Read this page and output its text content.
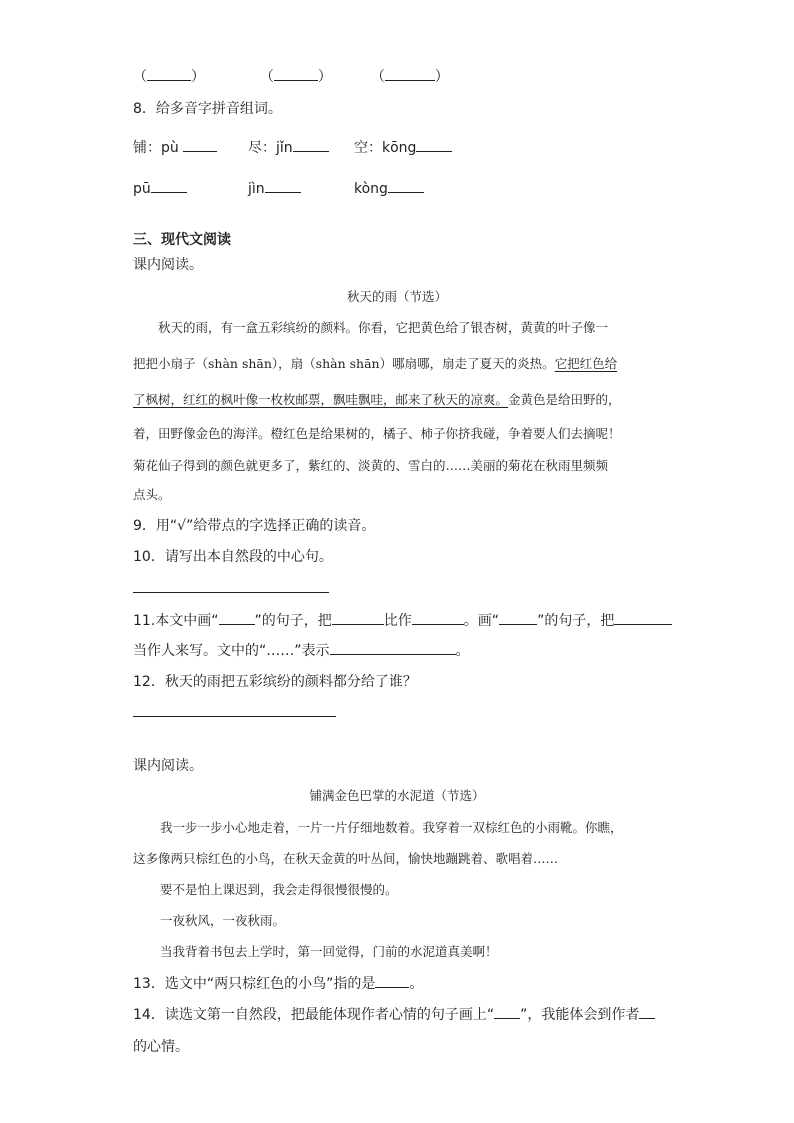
（	）	（	）	（	）
8．给多音字拼音组词。
铺：pù	尽：jǐn	空：kōng
pū	jìn	kòng
三、现代文阅读
课内阅读。
秋天的雨（节选）
秋天的雨，有一盒五彩缤纷的颜料。你看，它把黄色给了银杏树，黄黄的叶子像一
把把小扇子（shàn shān），扇（shàn shān）哪扇哪，扇走了夏天的炎热。它把红色给
了枫树，红红的枫叶像一枚枚邮票，飘哇飘哇，邮来了秋天的凉爽。金黄色是给田野的，
着，田野像金色的海洋。橙红色是给果树的，橘子、柿子你挤我碰，争着要人们去摘呢！
菊花仙子得到的颜色就更多了，紫红的、淡黄的、雪白的……美丽的菊花在秋雨里频频
点头。
9．用“√”给带点的字选择正确的读音。
10．请写出本自然段的中心句。
11.本文中画“	”的句子，把	比作	。画“	”的句子，把
当作人来写。文中的“……”表示	。
12．秋天的雨把五彩缤纷的颜料都分给了谁？
课内阅读。
铺满金色巴掌的水泥道（节选）
我一步一步小心地走着，一片一片仔细地数着。我穿着一双棕红色的小雨靴。你瞧，
这多像两只棕红色的小鸟，在秋天金黄的叶丛间，愉快地蹦跳着、歌唱着……
要不是怕上课迟到，我会走得很慢很慢的。
一夜秋风，一夜秋雨。
当我背着书包去上学时，第一回觉得，门前的水泥道真美啊！
13．选文中“两只棕红色的小鸟”指的是 。
14．读选文第一自然段，把最能体现作者心情的句子画上“ ”，我能体会到作者
的心情。
